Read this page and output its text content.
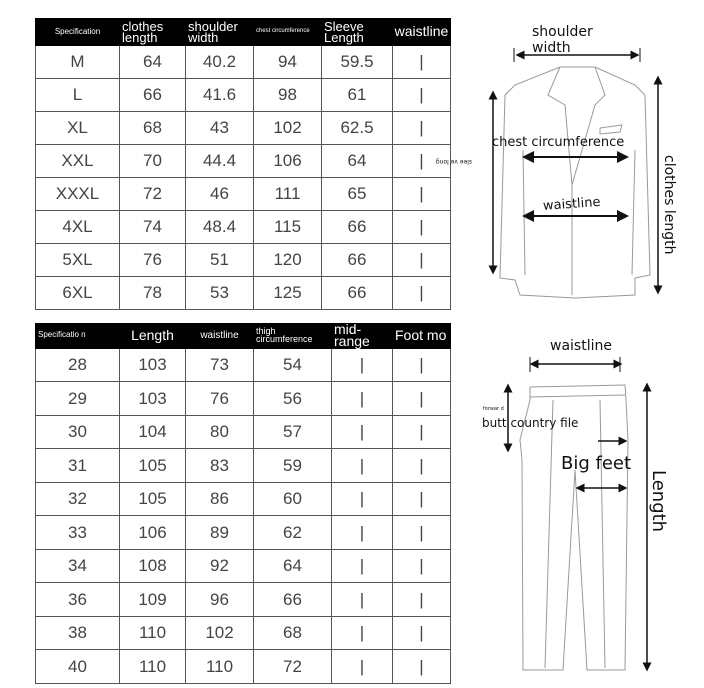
Specification	clothes length	shoulder width	chest circumference	Sleeve Length	waistline
M	64	40.2	94	59.5	|
L	66	41.6	98	61	|
XL	68	43	102	62.5	|
XXL	70	44.4	106	64	|
XXXL	72	46	111	65	|
4XL	74	48.4	115	66	|
5XL	76	51	120	66	|
6XL	78	53	125	66	|
Specificatio n	Length	waistline	thigh circumference	mid-range	Foot mo
28	103	73	54	|	|
29	103	76	56	|	|
30	104	80	57	|	|
31	105	83	59	|	|
32	105	86	60	|	|
33	106	89	62	|	|
34	108	92	64	|	|
36	109	96	66	|	|
38	110	102	68	|	|
40	110	110	72	|	|
shoulder
width
chest circumference
waistline
slee ve long	clothes length
waistline
forwar d
butt country file
Big feet
Length
